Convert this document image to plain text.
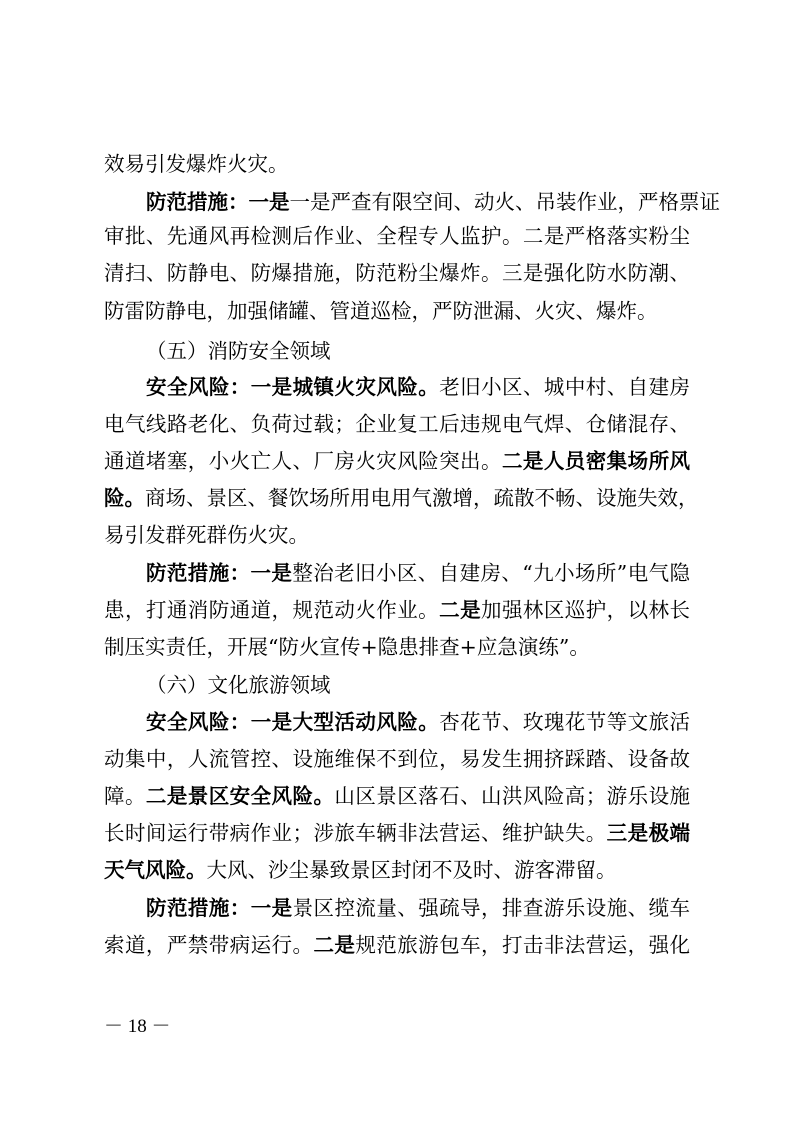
效易引发爆炸火灾。
防范措施：一是一是严查有限空间、动火、吊装作业，严格票证
审批、先通风再检测后作业、全程专人监护。二是严格落实粉尘
清扫、防静电、防爆措施，防范粉尘爆炸。三是强化防水防潮、
防雷防静电，加强储罐、管道巡检，严防泄漏、火灾、爆炸。
（五）消防安全领域
安全风险：一是城镇火灾风险。老旧小区、城中村、自建房
电气线路老化、负荷过载；企业复工后违规电气焊、仓储混存、
通道堵塞，小火亡人、厂房火灾风险突出。二是人员密集场所风
险。商场、景区、餐饮场所用电用气激增，疏散不畅、设施失效，
易引发群死群伤火灾。
防范措施：一是整治老旧小区、自建房、“九小场所”电气隐
患，打通消防通道，规范动火作业。二是加强林区巡护，以林长
制压实责任，开展“防火宣传+隐患排查+应急演练”。
（六）文化旅游领域
安全风险：一是大型活动风险。杏花节、玫瑰花节等文旅活
动集中，人流管控、设施维保不到位，易发生拥挤踩踏、设备故
障。二是景区安全风险。山区景区落石、山洪风险高；游乐设施
长时间运行带病作业；涉旅车辆非法营运、维护缺失。三是极端
天气风险。大风、沙尘暴致景区封闭不及时、游客滞留。
防范措施：一是景区控流量、强疏导，排查游乐设施、缆车
索道，严禁带病运行。二是规范旅游包车，打击非法营运，强化
－ 18 －
